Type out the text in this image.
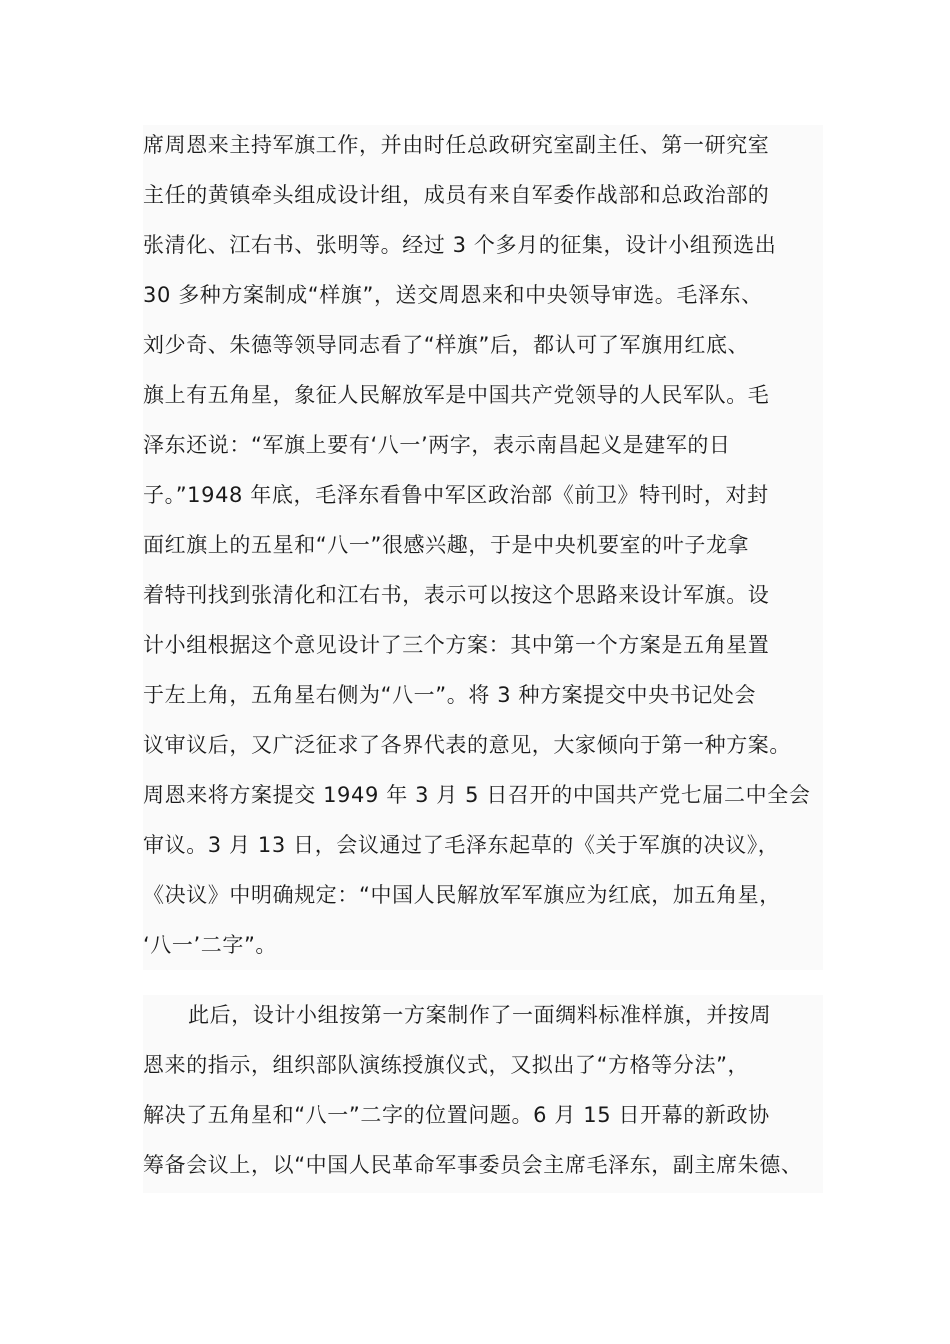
席周恩来主持军旗工作，并由时任总政研究室副主任、第一研究室
主任的黄镇牵头组成设计组，成员有来自军委作战部和总政治部的
张清化、江右书、张明等。经过 3 个多月的征集，设计小组预选出
30 多种方案制成“样旗”，送交周恩来和中央领导审选。毛泽东、
刘少奇、朱德等领导同志看了“样旗”后，都认可了军旗用红底、
旗上有五角星，象征人民解放军是中国共产党领导的人民军队。毛
泽东还说：“军旗上要有‘八一’两字，表示南昌起义是建军的日
子。”1948 年底，毛泽东看鲁中军区政治部《前卫》特刊时，对封
面红旗上的五星和“八一”很感兴趣，于是中央机要室的叶子龙拿
着特刊找到张清化和江右书，表示可以按这个思路来设计军旗。设
计小组根据这个意见设计了三个方案：其中第一个方案是五角星置
于左上角，五角星右侧为“八一”。将 3 种方案提交中央书记处会
议审议后，又广泛征求了各界代表的意见，大家倾向于第一种方案。
周恩来将方案提交 1949 年 3 月 5 日召开的中国共产党七届二中全会
审议。3 月 13 日，会议通过了毛泽东起草的《关于军旗的决议》，
《决议》中明确规定：“中国人民解放军军旗应为红底，加五角星，
‘八一’二字”。
此后，设计小组按第一方案制作了一面绸料标准样旗，并按周
恩来的指示，组织部队演练授旗仪式，又拟出了“方格等分法”，
解决了五角星和“八一”二字的位置问题。6 月 15 日开幕的新政协
筹备会议上，以“中国人民革命军事委员会主席毛泽东，副主席朱德、
